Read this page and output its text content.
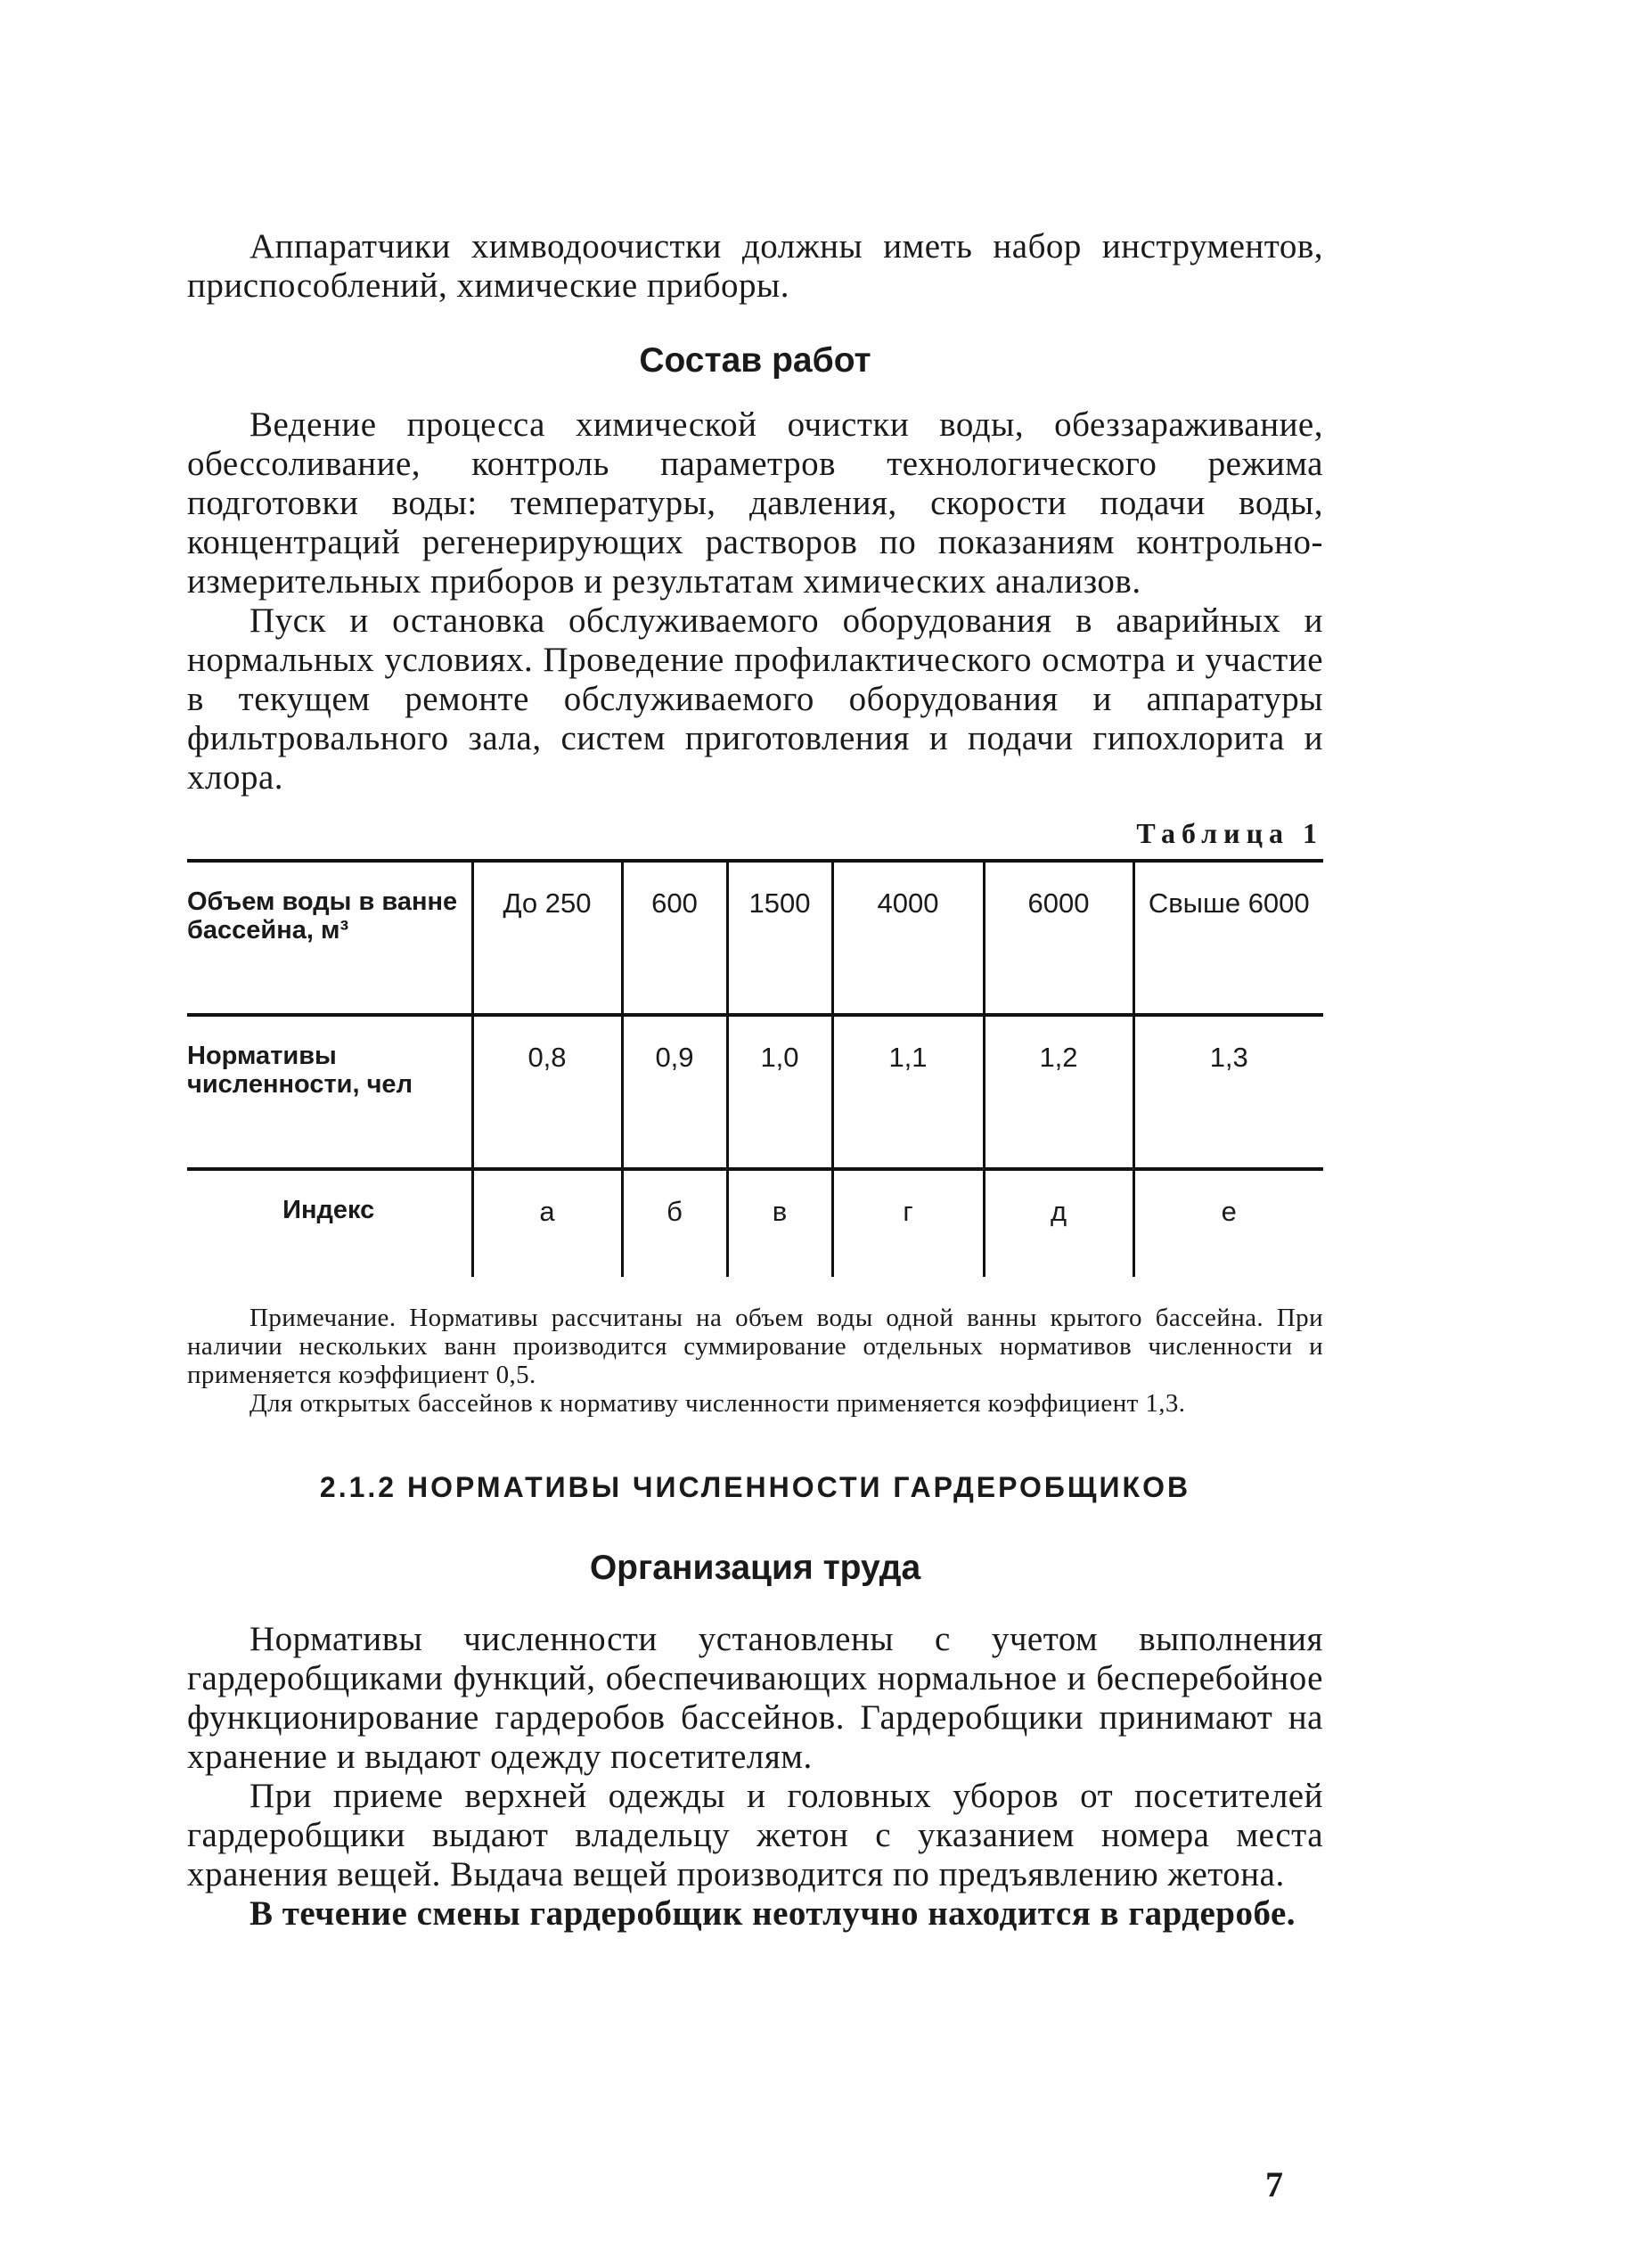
Аппаратчики химводоочистки должны иметь набор инструментов, приспособлений, химические приборы.

Состав работ

Ведение процесса химической очистки воды, обеззараживание, обессоливание, контроль параметров технологического режима подготовки воды: температуры, давления, скорости подачи воды, концентраций регенерирующих растворов по показаниям контрольно-измерительных приборов и результатам химических анализов.

Пуск и остановка обслуживаемого оборудования в аварийных и нормальных условиях. Проведение профилактического осмотра и участие в текущем ремонте обслуживаемого оборудования и аппаратуры фильтровального зала, систем приготовления и подачи гипохлорита и хлора.

Таблица 1

Объем воды в ванне бассейна, м³	До 250	600	1500	4000	6000	Свыше 6000
Нормативы численности, чел	0,8	0,9	1,0	1,1	1,2	1,3
Индекс	а	б	в	г	д	е

Примечание. Нормативы рассчитаны на объем воды одной ванны крытого бассейна. При наличии нескольких ванн производится суммирование отдельных нормативов численности и применяется коэффициент 0,5.

Для открытых бассейнов к нормативу численности применяется коэффициент 1,3.

2.1.2 НОРМАТИВЫ ЧИСЛЕННОСТИ ГАРДЕРОБЩИКОВ

Организация труда

Нормативы численности установлены с учетом выполнения гардеробщиками функций, обеспечивающих нормальное и бесперебойное функционирование гардеробов бассейнов. Гардеробщики принимают на хранение и выдают одежду посетителям.

При приеме верхней одежды и головных уборов от посетителей гардеробщики выдают владельцу жетон с указанием номера места хранения вещей. Выдача вещей производится по предъявлению жетона.

В течение смены гардеробщик неотлучно находится в гардеробе.

7
